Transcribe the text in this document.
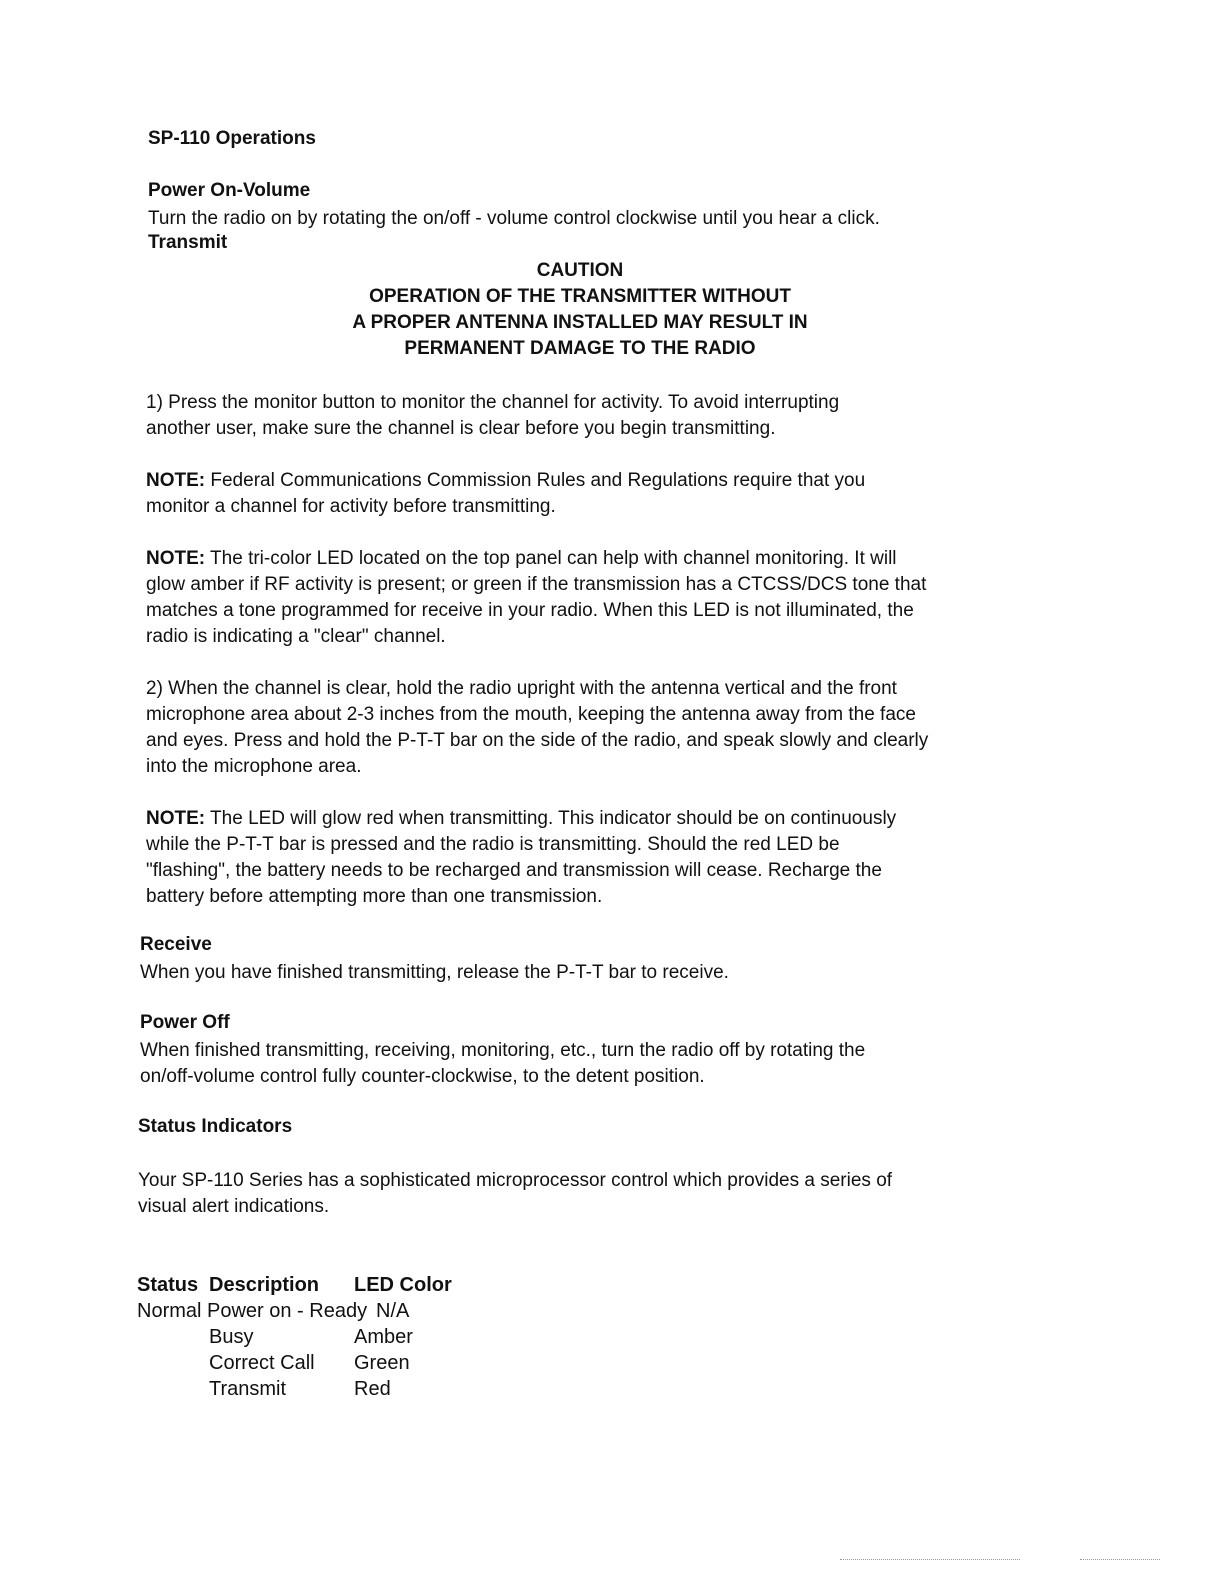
SP-110 Operations
Power On-Volume
Turn the radio on by rotating the on/off - volume control clockwise until you hear a click.
Transmit
CAUTION
OPERATION OF THE TRANSMITTER WITHOUT
A PROPER ANTENNA INSTALLED MAY RESULT IN
PERMANENT DAMAGE TO THE RADIO
1) Press the monitor button to monitor the channel for activity. To avoid interrupting
another user, make sure the channel is clear before you begin transmitting.
NOTE: Federal Communications Commission Rules and Regulations require that you
monitor a channel for activity before transmitting.
NOTE: The tri-color LED located on the top panel can help with channel monitoring. It will
glow amber if RF activity is present; or green if the transmission has a CTCSS/DCS tone that
matches a tone programmed for receive in your radio. When this LED is not illuminated, the
radio is indicating a "clear" channel.
2) When the channel is clear, hold the radio upright with the antenna vertical and the front
microphone area about 2-3 inches from the mouth, keeping the antenna away from the face
and eyes. Press and hold the P-T-T bar on the side of the radio, and speak slowly and clearly
into the microphone area.
NOTE: The LED will glow red when transmitting. This indicator should be on continuously
while the P-T-T bar is pressed and the radio is transmitting. Should the red LED be
"flashing", the battery needs to be recharged and transmission will cease. Recharge the
battery before attempting more than one transmission.
Receive
When you have finished transmitting, release the P-T-T bar to receive.
Power Off
When finished transmitting, receiving, monitoring, etc., turn the radio off by rotating the
on/off-volume control fully counter-clockwise, to the detent position.
Status Indicators
Your SP-110 Series has a sophisticated microprocessor control which provides a series of
visual alert indications.
Status Description LED Color
Normal Power on - Ready N/A
Busy	Amber
Correct Call Green
Transmit	Red
